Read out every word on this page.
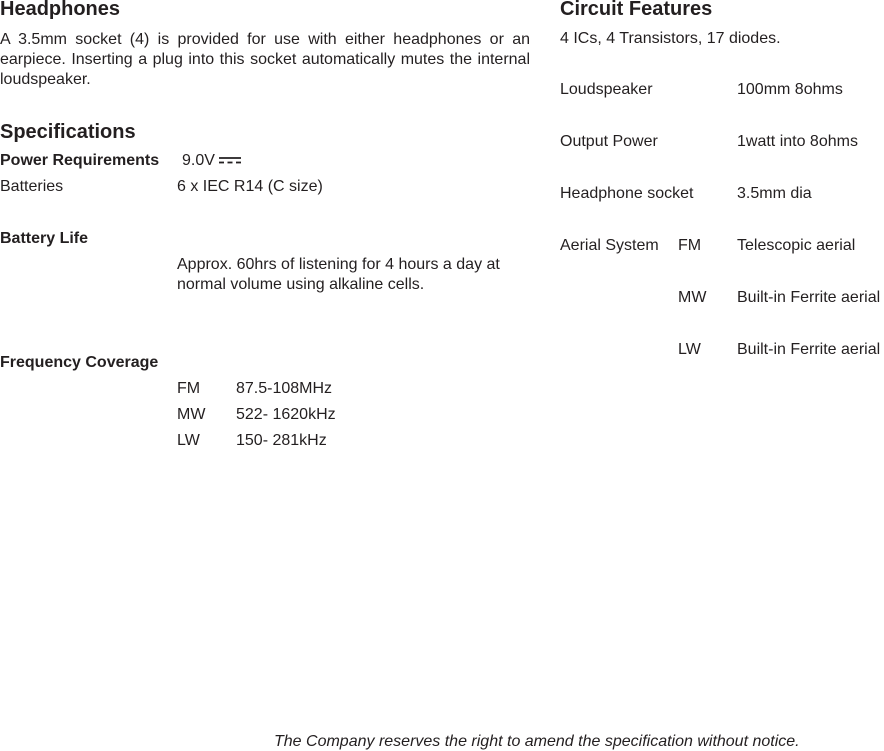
Headphones
A 3.5mm socket (4) is provided for use with either headphones or an earpiece. Inserting a plug into this socket automatically mutes the internal loudspeaker.
Specifications
Power Requirements 9.0V
Batteries	6 x IEC R14 (C size)
Battery Life
Approx. 60hrs of listening for 4 hours a day at
normal volume using alkaline cells.
Frequency Coverage
FM 87.5-108MHz
MW 522- 1620kHz
LW 150- 281kHz
Circuit Features
4 ICs, 4 Transistors, 17 diodes.
Loudspeaker	100mm 8ohms
Output Power	1watt into 8ohms
Headphone socket	3.5mm dia
Aerial System FM Telescopic aerial
MW Built-in Ferrite aerial
LW Built-in Ferrite aerial
The Company reserves the right to amend the specification without notice.
